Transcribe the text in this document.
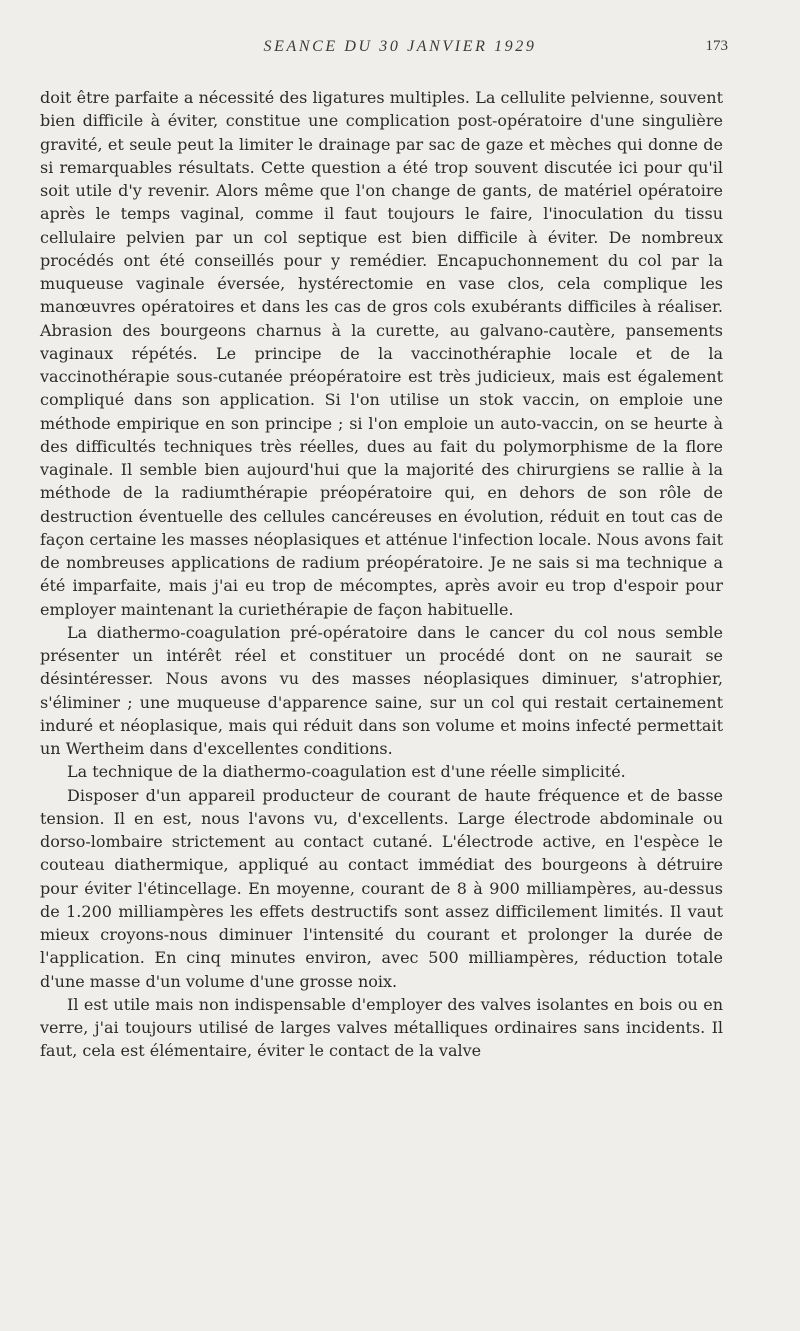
SEANCE DU 30 JANVIER 1929	173

doit être parfaite a nécessité des ligatures multiples. La cellulite pelvienne, souvent bien difficile à éviter, constitue une complication post-opératoire d'une singulière gravité, et seule peut la limiter le drainage par sac de gaze et mèches qui donne de si remarquables résultats. Cette question a été trop souvent discutée ici pour qu'il soit utile d'y revenir. Alors même que l'on change de gants, de matériel opératoire après le temps vaginal, comme il faut toujours le faire, l'inoculation du tissu cellulaire pelvien par un col septique est bien difficile à éviter. De nombreux procédés ont été conseillés pour y remédier. Encapuchonnement du col par la muqueuse vaginale éversée, hystérectomie en vase clos, cela complique les manœuvres opératoires et dans les cas de gros cols exubérants difficiles à réaliser. Abrasion des bourgeons charnus à la curette, au galvano-cautère, pansements vaginaux répétés. Le principe de la vaccinothéraphie locale et de la vaccinothérapie sous-cutanée préopératoire est très judicieux, mais est également compliqué dans son application. Si l'on utilise un stok vaccin, on emploie une méthode empirique en son principe ; si l'on emploie un auto-vaccin, on se heurte à des difficultés techniques très réelles, dues au fait du polymorphisme de la flore vaginale. Il semble bien aujourd'hui que la majorité des chirurgiens se rallie à la méthode de la radiumthérapie préopératoire qui, en dehors de son rôle de destruction éventuelle des cellules cancéreuses en évolution, réduit en tout cas de façon certaine les masses néoplasiques et atténue l'infection locale. Nous avons fait de nombreuses applications de radium préopératoire. Je ne sais si ma technique a été imparfaite, mais j'ai eu trop de mécomptes, après avoir eu trop d'espoir pour employer maintenant la curiethérapie de façon habituelle.

La diathermo-coagulation pré-opératoire dans le cancer du col nous semble présenter un intérêt réel et constituer un procédé dont on ne saurait se désintéresser. Nous avons vu des masses néoplasiques diminuer, s'atrophier, s'éliminer ; une muqueuse d'apparence saine, sur un col qui restait certainement induré et néoplasique, mais qui réduit dans son volume et moins infecté permettait un Wertheim dans d'excellentes conditions.

La technique de la diathermo-coagulation est d'une réelle simplicité.

Disposer d'un appareil producteur de courant de haute fréquence et de basse tension. Il en est, nous l'avons vu, d'excellents. Large électrode abdominale ou dorso-lombaire strictement au contact cutané. L'électrode active, en l'espèce le couteau diathermique, appliqué au contact immédiat des bourgeons à détruire pour éviter l'étincellage. En moyenne, courant de 8 à 900 milliampères, au-dessus de 1.200 milliampères les effets destructifs sont assez difficilement limités. Il vaut mieux croyons-nous diminuer l'intensité du courant et prolonger la durée de l'application. En cinq minutes environ, avec 500 milliampères, réduction totale d'une masse d'un volume d'une grosse noix.

Il est utile mais non indispensable d'employer des valves isolantes en bois ou en verre, j'ai toujours utilisé de larges valves métalliques ordinaires sans incidents. Il faut, cela est élémentaire, éviter le contact de la valve
